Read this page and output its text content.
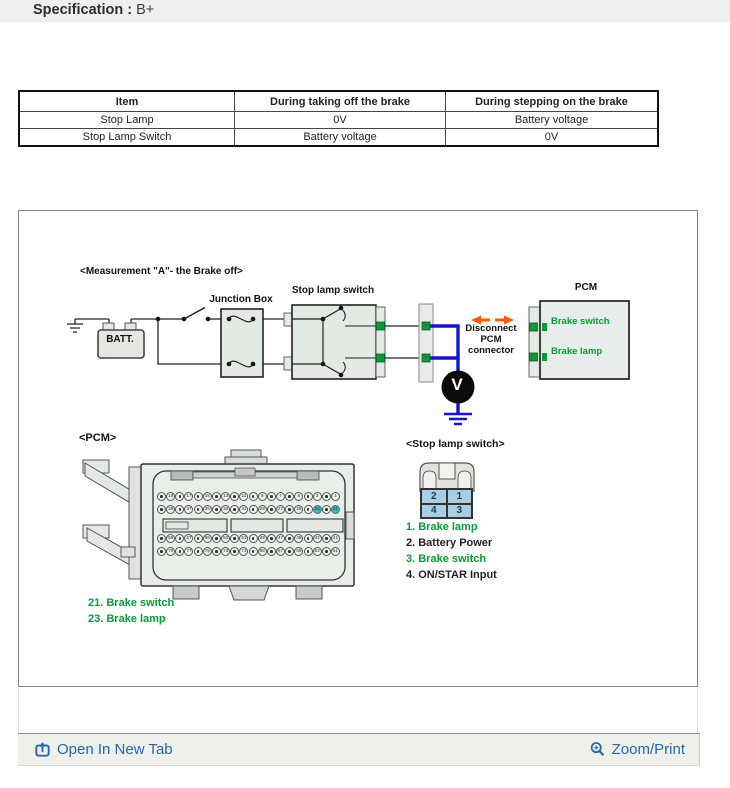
Specification : B+
Item	During taking off the brake	During stepping on the brake
Stop Lamp	0V	Battery voltage
Stop Lamp Switch	Battery voltage	0V
<Measurement "A"- the Brake off>
BATT.
Junction Box
Stop lamp switch
V
Disconnect
PCM
connector
PCM
Brake switch
Brake lamp
<PCM>
19	17	15	13	11	9	7	5	3	1
39	37	35	33	31	29	27	25	23	21
59	57	55	53	51	49	47	45	43	41
79	77	75	73	71	69	67	65	63	61
21. Brake switch
23. Brake lamp
<Stop lamp switch>
2	1
4	3
1. Brake lamp
2. Battery Power
3. Brake switch
4. ON/STAR Input
Open In New Tab	Zoom/Print
